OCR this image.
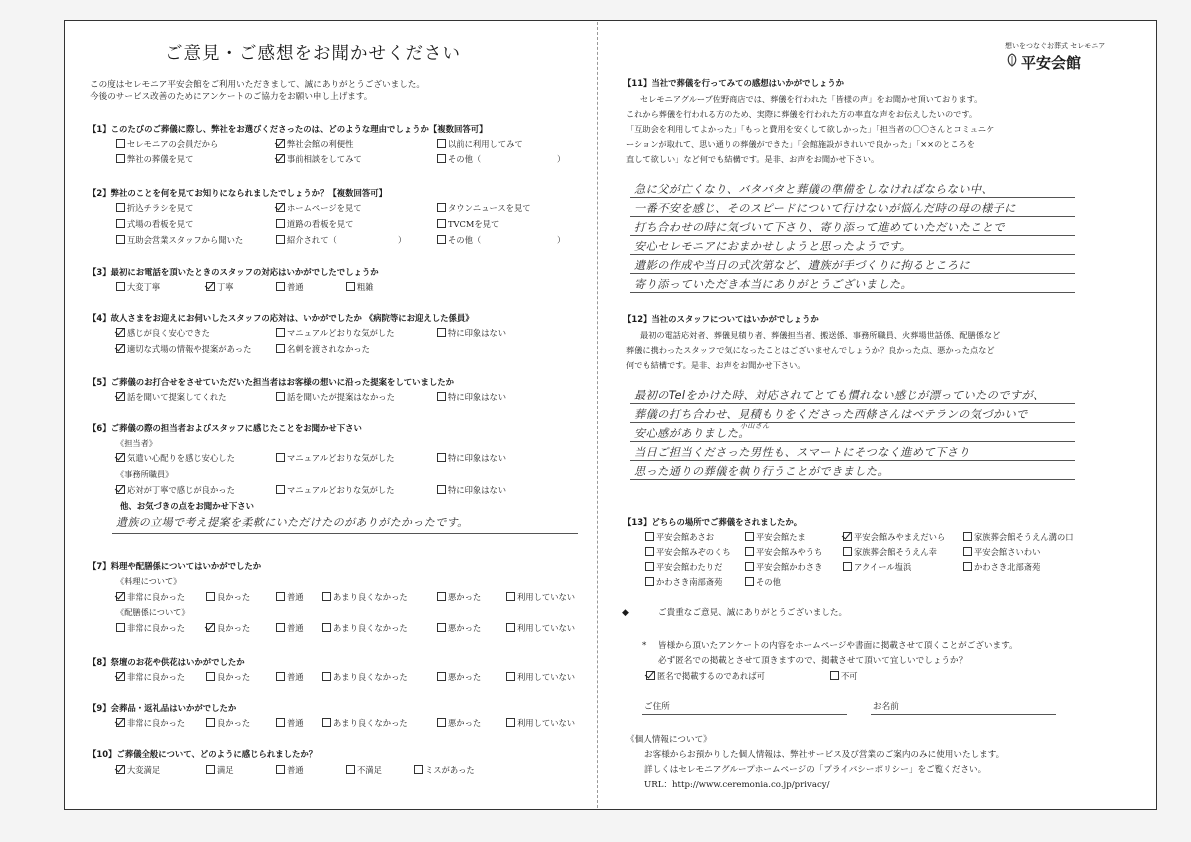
ご意見・ご感想をお聞かせください	想いをつなぐお葬式 セレモニア
平安会館
この度はセレモニア平安会館をご利用いただきまして、誠にありがとうございました。
今後のサービス改善のためにアンケートのご協力をお願い申し上げます。
【1】このたびのご葬儀に際し、弊社をお選びくださったのは、どのような理由でしょうか【複数回答可】
セレモニアの会員だから	弊社会館の利便性	以前に利用してみて
弊社の葬儀を見て	事前相談をしてみて	その他（	）
【2】弊社のことを何を見てお知りになられましたでしょうか？【複数回答可】
折込チラシを見て	ホームページを見て	タウンニュースを見て
式場の看板を見て	道路の看板を見て	TVCMを見て
互助会営業スタッフから聞いた	紹介されて（	）	その他（	）
【3】最初にお電話を頂いたときのスタッフの対応はいかがでしたでしょうか
大変丁寧	丁寧	普通	粗雑
【4】故人さまをお迎えにお伺いしたスタッフの応対は、いかがでしたか 《病院等にお迎えした係員》
感じが良く安心できた	マニュアルどおりな気がした	特に印象はない
適切な式場の情報や提案があった	名刺を渡されなかった
【5】ご葬儀のお打合せをさせていただいた担当者はお客様の想いに沿った提案をしていましたか
話を聞いて提案してくれた	話を聞いたが提案はなかった	特に印象はない
【6】ご葬儀の際の担当者およびスタッフに感じたことをお聞かせ下さい
《担当者》
気遣い心配りを感じ安心した	マニュアルどおりな気がした	特に印象はない
《事務所職員》
応対が丁寧で感じが良かった	マニュアルどおりな気がした	特に印象はない
他、お気づきの点をお聞かせ下さい
遺族の立場で考え提案を柔軟にいただけたのがありがたかったです。
【7】料理や配膳係についてはいかがでしたか
《料理について》
非常に良かった	良かった	普通	あまり良くなかった	悪かった	利用していない
《配膳係について》
非常に良かった	良かった	普通	あまり良くなかった	悪かった	利用していない
【8】祭壇のお花や供花はいかがでしたか
非常に良かった	良かった	普通	あまり良くなかった	悪かった	利用していない
【9】会葬品・返礼品はいかがでしたか
非常に良かった	良かった	普通	あまり良くなかった	悪かった	利用していない
【10】ご葬儀全般について、どのように感じられましたか？
大変満足	満足	普通	不満足	ミスがあった
【11】当社で葬儀を行ってみての感想はいかがでしょうか
セレモニアグループ佐野商店では、葬儀を行われた「皆様の声」をお聞かせ頂いております。
これから葬儀を行われる方のため、実際に葬儀を行われた方の率直な声をお伝えしたいのです。
「互助会を利用してよかった」「もっと費用を安くして欲しかった」「担当者の〇〇さんとコミュニケ
ーションが取れて、思い通りの葬儀ができた」「会館施設がきれいで良かった」「××のところを
直して欲しい」など何でも結構です。是非、お声をお聞かせ下さい。
急に父が亡くなり、バタバタと葬儀の準備をしなければならない中、
一番不安を感じ、そのスピードについて行けないが悩んだ時の母の様子に
打ち合わせの時に気づいて下さり、寄り添って進めていただいたことで
安心セレモニアにおまかせしようと思ったようです。
遺影の作成や当日の式次第など、遺族が手づくりに拘るところに
寄り添っていただき本当にありがとうございました。
【12】当社のスタッフについてはいかがでしょうか
最初の電話応対者、葬儀見積り者、葬儀担当者、搬送係、事務所職員、火葬場世話係、配膳係など
葬儀に携わったスタッフで気になったことはございませんでしょうか？良かった点、悪かった点など
何でも結構です。是非、お声をお聞かせ下さい。
最初のTelをかけた時、対応されてとても慣れない感じが漂っていたのですが、
葬儀の打ち合わせ、見積もりをくださった西條さんはベテランの気づかいで
安心感がありました。
小山さん
当日ご担当くださった男性も、スマートにそつなく進めて下さり
思った通りの葬儀を執り行うことができました。
【13】どちらの場所でご葬儀をされましたか。
平安会館あさお	平安会館たま	平安会館みやまえだいら	家族葬会館そうえん溝の口
平安会館みぞのくち	平安会館みやうち	家族葬会館そうえん幸	平安会館さいわい
平安会館わたりだ	平安会館かわさき	アクイール塩浜	かわさき北部斎苑
かわさき南部斎苑	その他
◆	ご貴重なご意見、誠にありがとうございました。
* 皆様から頂いたアンケートの内容をホームページや書面に掲載させて頂くことがございます。
必ず匿名での掲載とさせて頂きますので、掲載させて頂いて宜しいでしょうか？
匿名で掲載するのであれば可	不可
ご住所	お名前
《個人情報について》
お客様からお預かりした個人情報は、弊社サービス及び営業のご案内のみに使用いたします。
詳しくはセレモニアグループホームページの「プライバシーポリシー」をご覧ください。
URL：http://www.ceremonia.co.jp/privacy/
